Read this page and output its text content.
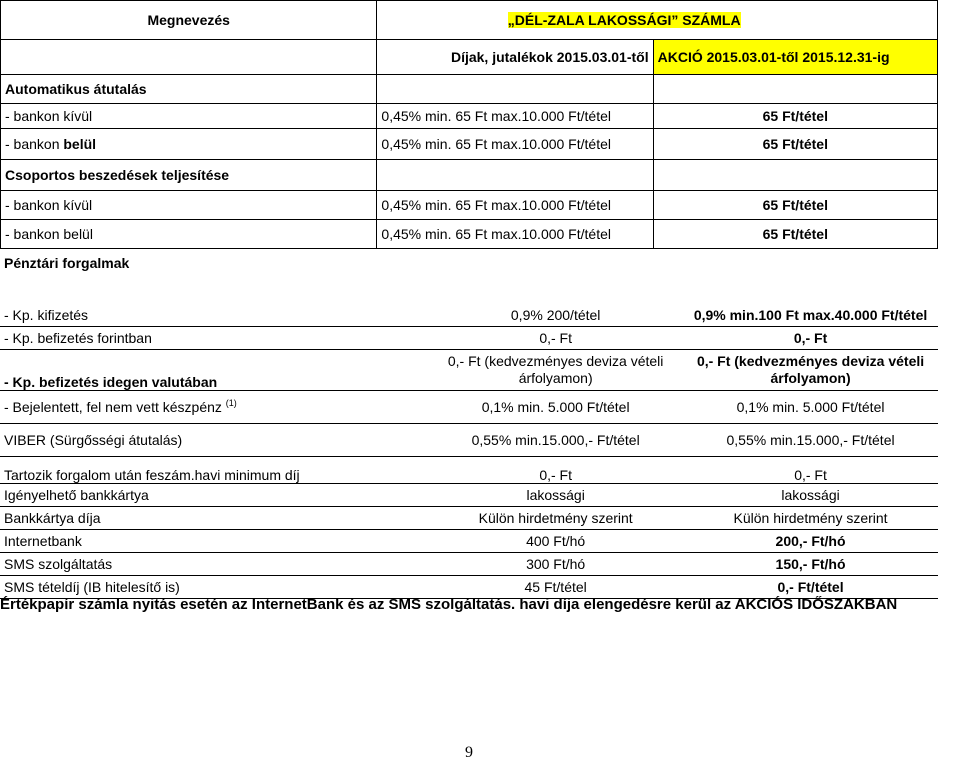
Megnevezés	„DÉL-ZALA LAKOSSÁGI” SZÁMLA	
	Díjak, jutalékok 2015.03.01-től	AKCIÓ 2015.03.01-től 2015.12.31-ig
Automatikus átutalás		
- bankon kívül	0,45% min. 65 Ft max.10.000 Ft/tétel	65 Ft/tétel
- bankon belül	0,45% min. 65 Ft max.10.000 Ft/tétel	65 Ft/tétel
Csoportos beszedések teljesítése		
- bankon kívül	0,45% min. 65 Ft max.10.000 Ft/tétel	65 Ft/tétel
- bankon belül	0,45% min. 65 Ft max.10.000 Ft/tétel	65 Ft/tétel
Pénztári forgalmak		
- Kp. kifizetés	0,9% 200/tétel	0,9% min.100 Ft max.40.000 Ft/tétel
- Kp. befizetés forintban	0,- Ft	0,- Ft
- Kp. befizetés idegen valutában	0,- Ft (kedvezményes deviza vételi árfolyamon)	0,- Ft (kedvezményes deviza vételi árfolyamon)
- Bejelentett, fel nem vett készpénz $^{(1)}$	0,1% min. 5.000 Ft/tétel	0,1% min. 5.000 Ft/tétel
VIBER (Sürgősségi átutalás)	0,55% min.15.000,- Ft/tétel	0,55% min.15.000,- Ft/tétel
Tartozik forgalom után feszám.havi minimum díj	0,- Ft	0,- Ft
Igényelhető bankkártya	lakossági	lakossági
Bankkártya díja	Külön hirdetmény szerint	Külön hirdetmény szerint
Internetbank	400 Ft/hó	200,- Ft/hó
SMS szolgáltatás	300 Ft/hó	150,- Ft/hó
SMS tételdíj (IB hitelesítő is)	45 Ft/tétel	0,- Ft/tétel
Értékpapír számla nyitás esetén az InternetBank és az SMS szolgáltatás. havi díja elengedésre kerül az AKCIÓS IDŐSZAKBAN
9
